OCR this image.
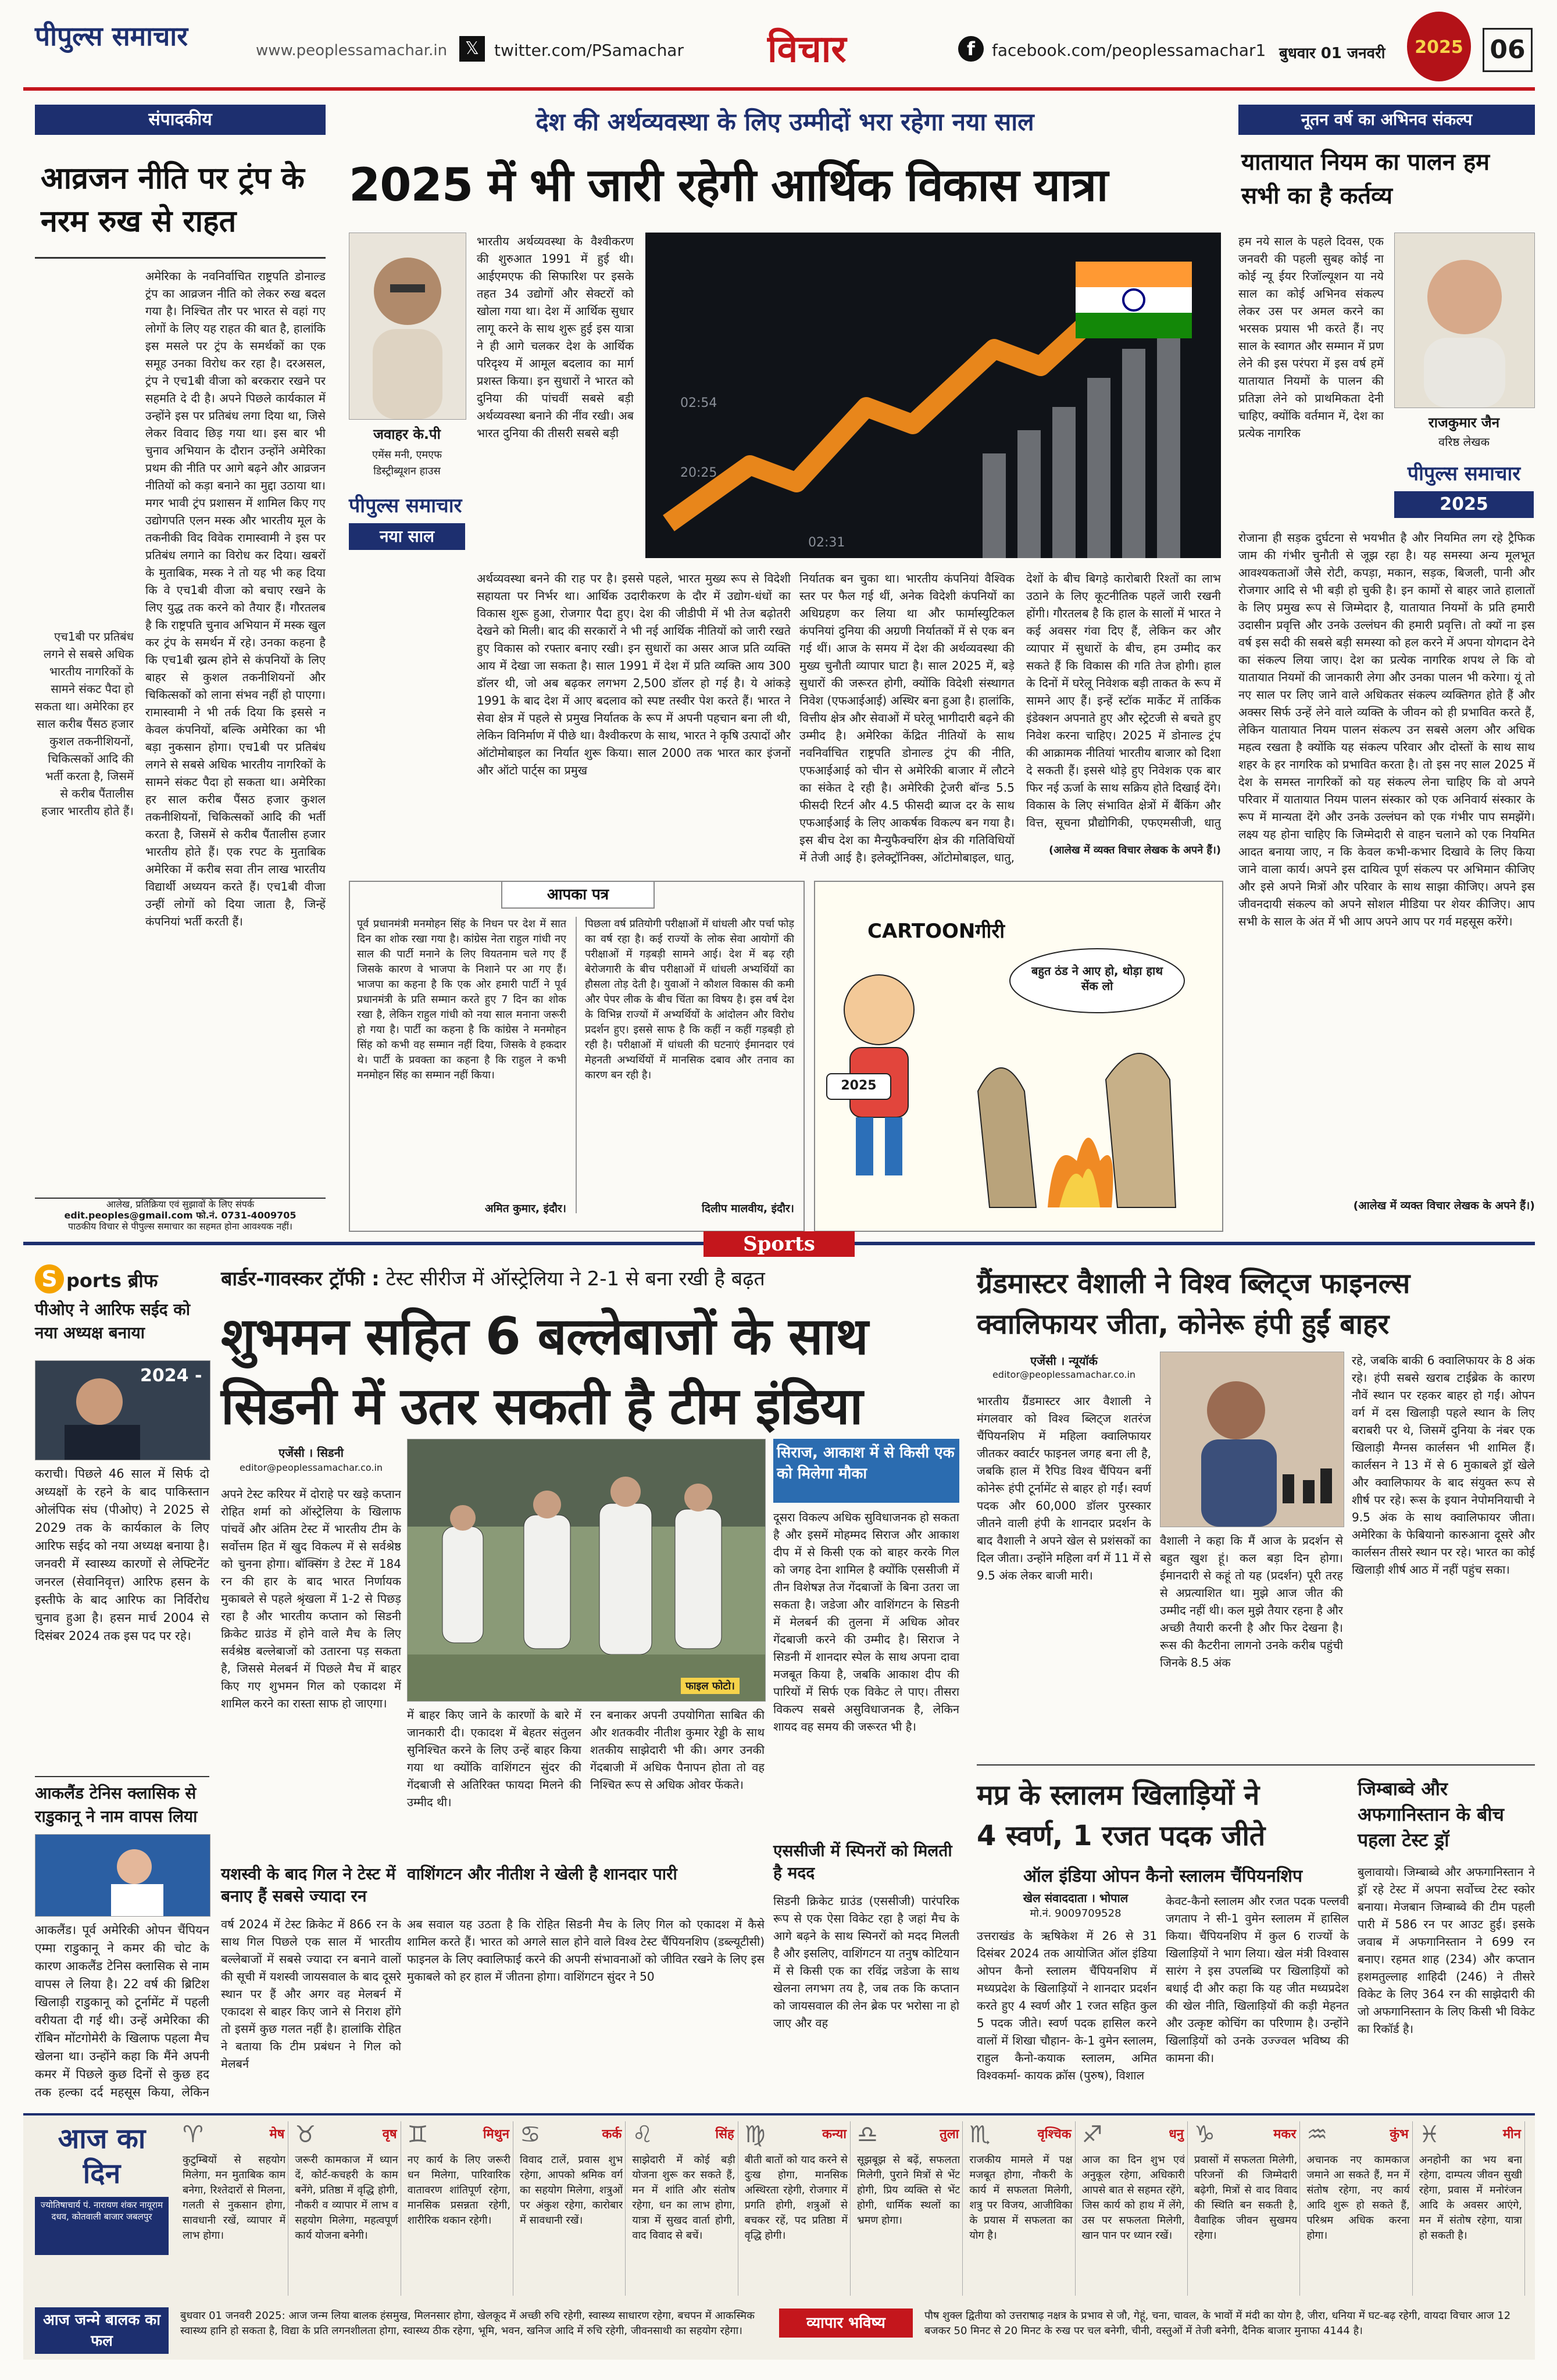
पीपुल्स समाचार	www.peoplessamachar.in	𝕏 twitter.com/PSamachar विचार	f	facebook.com/peoplessamachar1 बुधवार 01 जनवरी	2025	06
संपादकीय
आव्रजन नीति पर ट्रंप के नरम रुख से राहत
एच1बी पर प्रतिबंध लगने से सबसे अधिक भारतीय नागरिकों के सामने संकट पैदा हो सकता था। अमेरिका हर साल करीब पैंसठ हजार कुशल तकनीशियनों, चिकित्सकों आदि की भर्ती करता है, जिसमें से करीब पैंतालीस हजार भारतीय होते हैं।
अमेरिका के नवनिर्वाचित राष्ट्रपति डोनाल्ड ट्रंप का आव्रजन नीति को लेकर रुख बदल गया है। निश्चित तौर पर भारत से वहां गए लोगों के लिए यह राहत की बात है, हालांकि इस मसले पर ट्रंप के समर्थकों का एक समूह उनका विरोध कर रहा है। दरअसल, ट्रंप ने एच1बी वीजा को बरकरार रखने पर सहमति दे दी है। अपने पिछले कार्यकाल में उन्होंने इस पर प्रतिबंध लगा दिया था, जिसे लेकर विवाद छिड़ गया था। इस बार भी चुनाव अभियान के दौरान उन्होंने अमेरिका प्रथम की नीति पर आगे बढ़ने और आव्रजन नीतियों को कड़ा बनाने का मुद्दा उठाया था। मगर भावी ट्रंप प्रशासन में शामिल किए गए उद्योगपति एलन मस्क और भारतीय मूल के तकनीकी विद विवेक रामास्वामी ने इस पर प्रतिबंध लगाने का विरोध कर दिया। खबरों के मुताबिक, मस्क ने तो यह भी कह दिया कि वे एच1बी वीजा को बचाए रखने के लिए युद्ध तक करने को तैयार हैं। गौरतलब है कि राष्ट्रपति चुनाव अभियान में मस्क खुल कर ट्रंप के समर्थन में रहे। उनका कहना है कि एच1बी ख्रत्म होने से कंपनियों के लिए बाहर से कुशल तकनीशियनों और चिकित्सकों को लाना संभव नहीं हो पाएगा। रामास्वामी ने भी तर्क दिया कि इससे न केवल कंपनियों, बल्कि अमेरिका का भी बड़ा नुकसान होगा। एच1बी पर प्रतिबंध लगने से सबसे अधिक भारतीय नागरिकों के सामने संकट पैदा हो सकता था। अमेरिका हर साल करीब पैंसठ हजार कुशल तकनीशियनों, चिकित्सकों आदि की भर्ती करता है, जिसमें से करीब पैंतालीस हजार भारतीय होते हैं। एक रपट के मुताबिक अमेरिका में करीब सवा तीन लाख भारतीय विद्यार्थी अध्ययन करते हैं। एच1बी वीजा उन्हीं लोगों को दिया जाता है, जिन्हें कंपनियां भर्ती करती हैं।
आलेख, प्रतिक्रिया एवं सुझावों के लिए संपर्क
edit.peoples@gmail.com फो.नं. 0731-4009705
पाठकीय विचार से पीपुल्स समाचार का सहमत होना आवश्यक नहीं।
देश की अर्थव्यवस्था के लिए उम्मीदों भरा रहेगा नया साल
2025 में भी जारी रहेगी आर्थिक विकास यात्रा
जवाहर के.पी
एमेंस मनी, एमएफ
डिस्ट्रीब्यूशन हाउस
पीपुल्स समाचार
नया साल
भारतीय अर्थव्यवस्था के वैश्वीकरण की शुरुआत 1991 में हुई थी। आईएमएफ की सिफारिश पर इसके तहत 34 उद्योगों और सेक्टरों को खोला गया था। देश में आर्थिक सुधार लागू करने के साथ शुरू हुई इस यात्रा ने ही आगे चलकर देश के आर्थिक परिदृश्य में आमूल बदलाव का मार्ग प्रशस्त किया। इन सुधारों ने भारत को दुनिया की पांचवीं सबसे बड़ी अर्थव्यवस्था बनाने की नींव रखी। अब भारत दुनिया की तीसरी सबसे बड़ी
02:54
20:25
02:31
अर्थव्यवस्था बनने की राह पर है। इससे पहले, भारत मुख्य रूप से विदेशी सहायता पर निर्भर था। आर्थिक उदारीकरण के दौर में उद्योग-धंधों का विकास शुरू हुआ, रोजगार पैदा हुए। देश की जीडीपी में भी तेज बढ़ोतरी देखने को मिली। बाद की सरकारों ने भी नई आर्थिक नीतियों को जारी रखते हुए विकास को रफ्तार बनाए रखी। इन सुधारों का असर आज प्रति व्यक्ति आय में देखा जा सकता है। साल 1991 में देश में प्रति व्यक्ति आय 300 डॉलर थी, जो अब बढ़कर लगभग 2,500 डॉलर हो गई है। ये आंकड़े 1991 के बाद देश में आए बदलाव को स्पष्ट तस्वीर पेश करते हैं। भारत ने सेवा क्षेत्र में पहले से प्रमुख निर्यातक के रूप में अपनी पहचान बना ली थी, लेकिन विनिर्माण में पीछे था। वैश्वीकरण के साथ, भारत ने कृषि उत्पादों और ऑटोमोबाइल का निर्यात शुरू किया। साल 2000 तक भारत कार इंजनों और ऑटो पार्ट्स का प्रमुख
निर्यातक बन चुका था। भारतीय कंपनियां वैश्विक स्तर पर फैल गई थीं, अनेक विदेशी कंपनियों का अधिग्रहण कर लिया था और फार्मास्युटिकल कंपनियां दुनिया की अग्रणी निर्यातकों में से एक बन गई थीं। आज के समय में देश की अर्थव्यवस्था की मुख्य चुनौती व्यापार घाटा है। साल 2025 में, बड़े सुधारों की जरूरत होगी, क्योंकि विदेशी संस्थागत निवेश (एफआईआई) अस्थिर बना हुआ है। हालांकि, वित्तीय क्षेत्र और सेवाओं में घरेलू भागीदारी बढ़ने की उम्मीद है। अमेरिका केंद्रित नीतियों के साथ नवनिर्वाचित राष्ट्रपति डोनाल्ड ट्रंप की नीति, एफआईआई को चीन से अमेरिकी बाजार में लौटने का संकेत दे रही है। अमेरिकी ट्रेजरी बॉन्ड 5.5 फीसदी रिटर्न और 4.5 फीसदी ब्याज दर के साथ एफआईआई के लिए आकर्षक विकल्प बन गया है। इस बीच देश का मैन्युफैक्चरिंग क्षेत्र की गतिविधियों में तेजी आई है। इलेक्ट्रॉनिक्स, ऑटोमोबाइल, धातु,
देशों के बीच बिगड़े कारोबारी रिश्तों का लाभ उठाने के लिए कूटनीतिक पहलें जारी रखनी होंगी। गौरतलब है कि हाल के सालों में भारत ने कई अवसर गंवा दिए हैं, लेकिन कर और व्यापार में सुधारों के बीच, हम उम्मीद कर सकते हैं कि विकास की गति तेज होगी। हाल के दिनों में घरेलू निवेशक बड़ी ताकत के रूप में सामने आए हैं। इन्हें स्टॉक मार्केट में तार्किक इंडेक्शन अपनाते हुए और स्ट्रेटजी से बचते हुए निवेश करना चाहिए। 2025 में डोनाल्ड ट्रंप की आक्रामक नीतियां भारतीय बाजार को दिशा दे सकती हैं। इससे थोड़े हुए निवेशक एक बार फिर नई ऊर्जा के साथ सक्रिय होते दिखाई देंगे। विकास के लिए संभावित क्षेत्रों में बैंकिंग और वित्त, सूचना प्रौद्योगिकी, एफएमसीजी, धातु
(आलेख में व्यक्त विचार लेखक के अपने हैं।)
आपका पत्र
पूर्व प्रधानमंत्री मनमोहन सिंह के निधन पर देश में सात दिन का शोक रखा गया है। कांग्रेस नेता राहुल गांधी नए साल की पार्टी मनाने के लिए वियतनाम चले गए हैं जिसके कारण वे भाजपा के निशाने पर आ गए हैं। भाजपा का कहना है कि एक ओर हमारी पार्टी ने पूर्व प्रधानमंत्री के प्रति सम्मान करते हुए 7 दिन का शोक रखा है, लेकिन राहुल गांधी को नया साल मनाना जरूरी हो गया है। पार्टी का कहना है कि कांग्रेस ने मनमोहन सिंह को कभी वह सम्मान नहीं दिया, जिसके वे हकदार थे। पार्टी के प्रवक्ता का कहना है कि राहुल ने कभी मनमोहन सिंह का सम्मान नहीं किया।
अमित कुमार, इंदौर।
पिछला वर्ष प्रतियोगी परीक्षाओं में धांधली और पर्चा फोड़ का वर्ष रहा है। कई राज्यों के लोक सेवा आयोगों की परीक्षाओं में गड़बड़ी सामने आई। देश में बढ़ रही बेरोजगारी के बीच परीक्षाओं में धांधली अभ्यर्थियों का हौसला तोड़ देती है। युवाओं ने कौशल विकास की कमी और पेपर लीक के बीच चिंता का विषय है। इस वर्ष देश के विभिन्न राज्यों में अभ्यर्थियों के आंदोलन और विरोध प्रदर्शन हुए। इससे साफ है कि कहीं न कहीं गड़बड़ी हो रही है। परीक्षाओं में धांधली की घटनाएं ईमानदार एवं मेहनती अभ्यर्थियों में मानसिक दबाव और तनाव का कारण बन रही है।
दिलीप मालवीय, इंदौर।
CARTOONगीरी
बहुत ठंड ने आए हो, थोड़ा हाथ सेंक लो
2025
नूतन वर्ष का अभिनव संकल्प
यातायात नियम का पालन हम सभी का है कर्तव्य
हम नये साल के पहले दिवस, एक जनवरी की पहली सुबह कोई ना कोई न्यू ईयर रिजॉल्यूशन या नये साल का कोई अभिनव संकल्प लेकर उस पर अमल करने का भरसक प्रयास भी करते हैं। नए साल के स्वागत और सम्मान में प्रण लेने की इस परंपरा में इस वर्ष हमें यातायात नियमों के पालन की प्रतिज्ञा लेने को प्राथमिकता देनी चाहिए, क्योंकि वर्तमान में, देश का प्रत्येक नागरिक
राजकुमार जैन
वरिष्ठ लेखक
पीपुल्स समाचार
2025
रोजाना ही सड़क दुर्घटना से भयभीत है और नियमित लग रहे ट्रैफिक जाम की गंभीर चुनौती से जूझ रहा है। यह समस्या अन्य मूलभूत आवश्यकताओं जैसे रोटी, कपड़ा, मकान, सड़क, बिजली, पानी और रोजगार आदि से भी बड़ी हो चुकी है। इन कामों से बाहर जाते हालातों के लिए प्रमुख रूप से जिम्मेदार है, यातायात नियमों के प्रति हमारी उदासीन प्रवृत्ति और उनके उल्लंघन की हमारी प्रवृत्ति। तो क्यों ना इस वर्ष इस सदी की सबसे बड़ी समस्या को हल करने में अपना योगदान देने का संकल्प लिया जाए। देश का प्रत्येक नागरिक शपथ ले कि वो यातायात नियमों की जानकारी लेगा और उनका पालन भी करेगा। यूं तो नए साल पर लिए जाने वाले अधिकतर संकल्प व्यक्तिगत होते हैं और अक्सर सिर्फ उन्हें लेने वाले व्यक्ति के जीवन को ही प्रभावित करते हैं, लेकिन यातायात नियम पालन संकल्प उन सबसे अलग और अधिक महत्व रखता है क्योंकि यह संकल्प परिवार और दोस्तों के साथ साथ शहर के हर नागरिक को प्रभावित करता है। तो इस नए साल 2025 में देश के समस्त नागरिकों को यह संकल्प लेना चाहिए कि वो अपने परिवार में यातायात नियम पालन संस्कार को एक अनिवार्य संस्कार के रूप में मान्यता देंगे और उनके उल्लंघन को एक गंभीर पाप समझेंगे। लक्ष्य यह होना चाहिए कि जिम्मेदारी से वाहन चलाने को एक नियमित आदत बनाया जाए, न कि केवल कभी-कभार दिखावे के लिए किया जाने वाला कार्य। अपने इस दायित्व पूर्ण संकल्प पर अभिमान कीजिए और इसे अपने मित्रों और परिवार के साथ साझा कीजिए। अपने इस जीवनदायी संकल्प को अपने सोशल मीडिया पर शेयर कीजिए। आप सभी के साल के अंत में भी आप अपने आप पर गर्व महसूस करेंगे।
(आलेख में व्यक्त विचार लेखक के अपने हैं।)
Sports
S ports ब्रीफ
पीओए ने आरिफ सईद को नया अध्यक्ष बनाया
2024 -
कराची। पिछले 46 साल में सिर्फ दो अध्यक्षों के रहने के बाद पाकिस्तान ओलंपिक संघ (पीओए) ने 2025 से 2029 तक के कार्यकाल के लिए आरिफ सईद को नया अध्यक्ष बनाया है। जनवरी में स्वास्थ्य कारणों से लेफ्टिनेंट जनरल (सेवानिवृत्त) आरिफ हसन के इस्तीफे के बाद आरिफ का निर्विरोध चुनाव हुआ है। हसन मार्च 2004 से दिसंबर 2024 तक इस पद पर रहे।
आकलैंड टेनिस क्लासिक से राडुकानू ने नाम वापस लिया
आकलैंड। पूर्व अमेरिकी ओपन चैंपियन एम्मा राडुकानू ने कमर की चोट के कारण आकलैंड टेनिस क्लासिक से नाम वापस ले लिया है। 22 वर्ष की ब्रिटिश खिलाड़ी राडुकानू को टूर्नामेंट में पहली वरीयता दी गई थी। उन्हें अमेरिका की रॉबिन मोंटगोमेरी के खिलाफ पहला मैच खेलना था। उन्होंने कहा कि मैंने अपनी कमर में पिछले कुछ दिनों से कुछ हद तक हल्का दर्द महसूस किया, लेकिन
बार्डर-गावस्कर ट्रॉफी : टेस्ट सीरीज में ऑस्ट्रेलिया ने 2-1 से बना रखी है बढ़त
शुभमन सहित 6 बल्लेबाजों के साथ
सिडनी में उतर सकती है टीम इंडिया
एजेंसी । सिडनी
editor@peoplessamachar.co.in
अपने टेस्ट करियर में दोराहे पर खड़े कप्तान रोहित शर्मा को ऑस्ट्रेलिया के खिलाफ पांचवें और अंतिम टेस्ट में भारतीय टीम के सर्वोत्तम हित में खुद विकल्प में से सर्वश्रेष्ठ को चुनना होगा। बॉक्सिंग डे टेस्ट में 184 रन की हार के बाद भारत निर्णायक मुकाबले से पहले श्रृंखला में 1-2 से पिछड़ रहा है और भारतीय कप्तान को सिडनी क्रिकेट ग्राउंड में होने वाले मैच के लिए सर्वश्रेष्ठ बल्लेबाजों को उतारना पड़ सकता है, जिससे मेलबर्न में पिछले मैच में बाहर किए गए शुभमन गिल को एकादश में शामिल करने का रास्ता साफ हो जाएगा।
फाइल फोटो।
सिराज, आकाश में से किसी एक को मिलेगा मौका
दूसरा विकल्प अधिक सुविधाजनक हो सकता है और इसमें मोहम्मद सिराज और आकाश दीप में से किसी एक को बाहर करके गिल को जगह देना शामिल है क्योंकि एससीजी में तीन विशेषज्ञ तेज गेंदबाजों के बिना उतरा जा सकता है। जडेजा और वाशिंगटन के सिडनी में मेलबर्न की तुलना में अधिक ओवर गेंदबाजी करने की उम्मीद है। सिराज ने सिडनी में शानदार स्पेल के साथ अपना दावा मजबूत किया है, जबकि आकाश दीप की पारियों में सिर्फ एक विकेट ले पाए। तीसरा विकल्प सबसे असुविधाजनक है, लेकिन शायद वह समय की जरूरत भी है।
एससीजी में स्पिनरों को मिलती है मदद
सिडनी क्रिकेट ग्राउंड (एससीजी) पारंपरिक रूप से एक ऐसा विकेट रहा है जहां मैच के आगे बढ़ने के साथ स्पिनरों को मदद मिलती है और इसलिए, वाशिंगटन या तनुष कोटियान में से किसी एक का रविंद्र जडेजा के साथ खेलना लगभग तय है, जब तक कि कप्तान को जायसवाल की लेन ब्रेक पर भरोसा ना हो जाए और वह
में बाहर किए जाने के कारणों के बारे में जानकारी दी। एकादश में बेहतर संतुलन सुनिश्चित करने के लिए उन्हें बाहर किया गया था क्योंकि वाशिंगटन सुंदर की गेंदबाजी से अतिरिक्त फायदा मिलने की उम्मीद थी।
रन बनाकर अपनी उपयोगिता साबित की और शतकवीर नीतीश कुमार रेड्डी के साथ शतकीय साझेदारी भी की। अगर उनकी गेंदबाजी में अधिक पैनापन होता तो वह निश्चित रूप से अधिक ओवर फेंकते।
यशस्वी के बाद गिल ने टेस्ट में बनाए हैं सबसे ज्यादा रन
वर्ष 2024 में टेस्ट क्रिकेट में 866 रन के साथ गिल पिछले एक साल में भारतीय बल्लेबाजों में सबसे ज्यादा रन बनाने वालों की सूची में यशस्वी जायसवाल के बाद दूसरे स्थान पर हैं और अगर वह मेलबर्न में एकादश से बाहर किए जाने से निराश होंगे तो इसमें कुछ गलत नहीं है। हालांकि रोहित ने बताया कि टीम प्रबंधन ने गिल को मेलबर्न
वाशिंगटन और नीतीश ने खेली है शानदार पारी
अब सवाल यह उठता है कि रोहित सिडनी मैच के लिए गिल को एकादश में कैसे शामिल करते हैं। भारत को अगले साल होने वाले विश्व टेस्ट चैंपियनशिप (डब्ल्यूटीसी) फाइनल के लिए क्वालिफाई करने की अपनी संभावनाओं को जीवित रखने के लिए इस मुकाबले को हर हाल में जीतना होगा। वाशिंगटन सुंदर ने 50
ग्रैंडमास्टर वैशाली ने विश्व ब्लिट्ज फाइनल्स
क्वालिफायर जीता, कोनेरू हंपी हुईं बाहर
एजेंसी । न्यूयॉर्क
editor@peoplessamachar.co.in
भारतीय ग्रैंडमास्टर आर वैशाली ने मंगलवार को विश्व ब्लिट्ज शतरंज चैंपियनशिप में महिला क्वालिफायर जीतकर क्वार्टर फाइनल जगह बना ली है, जबकि हाल में रैपिड विश्व चैंपियन बनीं कोनेरू हंपी टूर्नामेंट से बाहर हो गईं। स्वर्ण पदक और 60,000 डॉलर पुरस्कार जीतने वाली हंपी के शानदार प्रदर्शन के बाद वैशाली ने अपने खेल से प्रशंसकों का दिल जीता। उन्होंने महिला वर्ग में 11 में से 9.5 अंक लेकर बाजी मारी।
वैशाली ने कहा कि मैं आज के प्रदर्शन से बहुत खुश हूं। कल बड़ा दिन होगा। ईमानदारी से कहूं तो यह (प्रदर्शन) पूरी तरह से अप्रत्याशित था। मुझे आज जीत की उम्मीद नहीं थी। कल मुझे तैयार रहना है और अच्छी तैयारी करनी है और फिर देखना है। रूस की कैटरीना लागनो उनके करीब पहुंची जिनके 8.5 अंक
रहे, जबकि बाकी 6 क्वालिफायर के 8 अंक रहे। हंपी सबसे खराब टाईब्रेक के कारण नौवें स्थान पर रहकर बाहर हो गईं। ओपन वर्ग में दस खिलाड़ी पहले स्थान के लिए बराबरी पर थे, जिसमें दुनिया के नंबर एक खिलाड़ी मैग्नस कार्लसन भी शामिल हैं। कार्लसन ने 13 में से 6 मुकाबले ड्रॉ खेले और क्वालिफायर के बाद संयुक्त रूप से शीर्ष पर रहे। रूस के इयान नेपोमनियाची ने 9.5 अंक के साथ क्वालिफायर जीता। अमेरिका के फेबियानो कारुआना दूसरे और कार्लसन तीसरे स्थान पर रहे। भारत का कोई खिलाड़ी शीर्ष आठ में नहीं पहुंच सका।
मप्र के स्लालम खिलाड़ियों ने
4 स्वर्ण, 1 रजत पदक जीते
ऑल इंडिया ओपन कैनो स्लालम चैंपियनशिप
खेल संवाददाता । भोपाल
मो.नं. 9009709528
उत्तराखंड के ऋषिकेश में 26 से 31 दिसंबर 2024 तक आयोजित ऑल इंडिया ओपन कैनो स्लालम चैंपियनशिप में मध्यप्रदेश के खिलाड़ियों ने शानदार प्रदर्शन करते हुए 4 स्वर्ण और 1 रजत सहित कुल 5 पदक जीते। स्वर्ण पदक हासिल करने वालों में शिखा चौहान- के-1 वुमेन स्लालम, राहुल कैनो-कयाक स्लालम, अमित विश्वकर्मा- कायक क्रॉस (पुरुष), विशाल
केवट-कैनो स्लालम और रजत पदक पल्लवी जगताप ने सी-1 वुमेन स्लालम में हासिल किया। चैंपियनशिप में कुल 6 राज्यों के खिलाड़ियों ने भाग लिया। खेल मंत्री विश्वास सारंग ने इस उपलब्धि पर खिलाड़ियों को बधाई दी और कहा कि यह जीत मध्यप्रदेश की खेल नीति, खिलाड़ियों की कड़ी मेहनत और उत्कृष्ट कोचिंग का परिणाम है। उन्होंने खिलाड़ियों को उनके उज्ज्वल भविष्य की कामना की।
जिम्बाब्वे और अफगानिस्तान के बीच पहला टेस्ट ड्रॉ
बुलावायो। जिम्बाब्वे और अफगानिस्तान ने ड्रॉ रहे टेस्ट में अपना सर्वोच्च टेस्ट स्कोर बनाया। मेजबान जिम्बाब्वे की टीम पहली पारी में 586 रन पर आउट हुई। इसके जवाब में अफगानिस्तान ने 699 रन बनाए। रहमत शाह (234) और कप्तान हशमतुल्लाह शाहिदी (246) ने तीसरे विकेट के लिए 364 रन की साझेदारी की जो अफगानिस्तान के लिए किसी भी विकेट का रिकॉर्ड है।
आज का दिन
ज्योतिषाचार्य पं. नारायण शंकर नायूराम दधव, कोतवाली बाजार जबलपुर
♈	मेष
कुटुम्बियों से सहयोग मिलेगा, मन मुताबिक काम बनेगा, रिश्तेदारों से मिलना, गलती से नुकसान होगा, सावधानी रखें, व्यापार में लाभ होगा।
♉	वृष
जरूरी कामकाज में ध्यान दें, कोर्ट-कचहरी के काम बनेंगे, प्रतिष्ठा में वृद्धि होगी, नौकरी व व्यापार में लाभ व सहयोग मिलेगा, महत्वपूर्ण कार्य योजना बनेगी।
♊	मिथुन
नए कार्य के लिए जरूरी धन मिलेगा, पारिवारिक वातावरण शांतिपूर्ण रहेगा, मानसिक प्रसन्नता रहेगी, शारीरिक थकान रहेगी।
♋	कर्क
विवाद टालें, प्रवास शुभ रहेगा, आपको श्रमिक वर्ग का सहयोग मिलेगा, शत्रुओं पर अंकुश रहेगा, कारोबार में सावधानी रखें।
♌	सिंह
साझेदारी में कोई बड़ी योजना शुरू कर सकते हैं, मन में शांति और संतोष रहेगा, धन का लाभ होगा, यात्रा में सुखद वार्ता होगी, वाद विवाद से बचें।
♍	कन्या
बीती बातों को याद करने से दुःख होगा, मानसिक अस्थिरता रहेगी, रोजगार में प्रगति होगी, शत्रुओं से बचकर रहें, पद प्रतिष्ठा में वृद्धि होगी।
♎	तुला
सूझबूझ से बढ़ें, सफलता मिलेगी, पुराने मित्रों से भेंट होगी, प्रिय व्यक्ति से भेंट होगी, धार्मिक स्थलों का भ्रमण होगा।
♏	वृश्चिक
राजकीय मामले में पक्ष मजबूत होगा, नौकरी के कार्य में सफलता मिलेगी, शत्रु पर विजय, आजीविका के प्रयास में सफलता का योग है।
♐	धनु
आज का दिन शुभ एवं अनुकूल रहेगा, अधिकारी आपसे बात से सहमत रहेंगे, जिस कार्य को हाथ में लेंगे, उस पर सफलता मिलेगी, खान पान पर ध्यान रखें।
♑	मकर
प्रवासों में सफलता मिलेगी, परिजनों की जिम्मेदारी बढ़ेगी, मित्रों से वाद विवाद की स्थिति बन सकती है, वैवाहिक जीवन सुखमय रहेगा।
♒	कुंभ
अचानक नए कामकाज जमाने आ सकते हैं, मन में संतोष रहेगा, नए कार्य आदि शुरू हो सकते हैं, परिश्रम अधिक करना होगा।
♓	मीन
अनहोनी का भय बना रहेगा, दाम्पत्य जीवन सुखी रहेगा, प्रवास में मनोरंजन आदि के अवसर आएंगे, मन में संतोष रहेगा, यात्रा हो सकती है।
आज जन्मे बालक का फल
बुधवार 01 जनवरी 2025: आज जन्म लिया बालक हंसमुख, मिलनसार होगा, खेलकूद में अच्छी रुचि रहेगी, स्वास्थ्य साधारण रहेगा, बचपन में आकस्मिक स्वास्थ्य हानि हो सकता है, विद्या के प्रति लगनशीलता होगा, स्वास्थ्य ठीक रहेगा, भूमि, भवन, खनिज आदि में रुचि रहेगी, जीवनसाथी का सहयोग रहेगा।	व्यापार भविष्य	पौष शुक्ल द्वितीया को उत्तराषाढ़ नक्षत्र के प्रभाव से जौ, गेहूं, चना, चावल, के भावों में मंदी का योग है, जीरा, धनिया में घट-बढ़ रहेगी, वायदा विचार आज 12 बजकर 50 मिनट से 20 मिनट के रुख पर चल बनेगी, चीनी, वस्तुओं में तेजी बनेगी, दैनिक बाजार मुनाफा 4144 है।
